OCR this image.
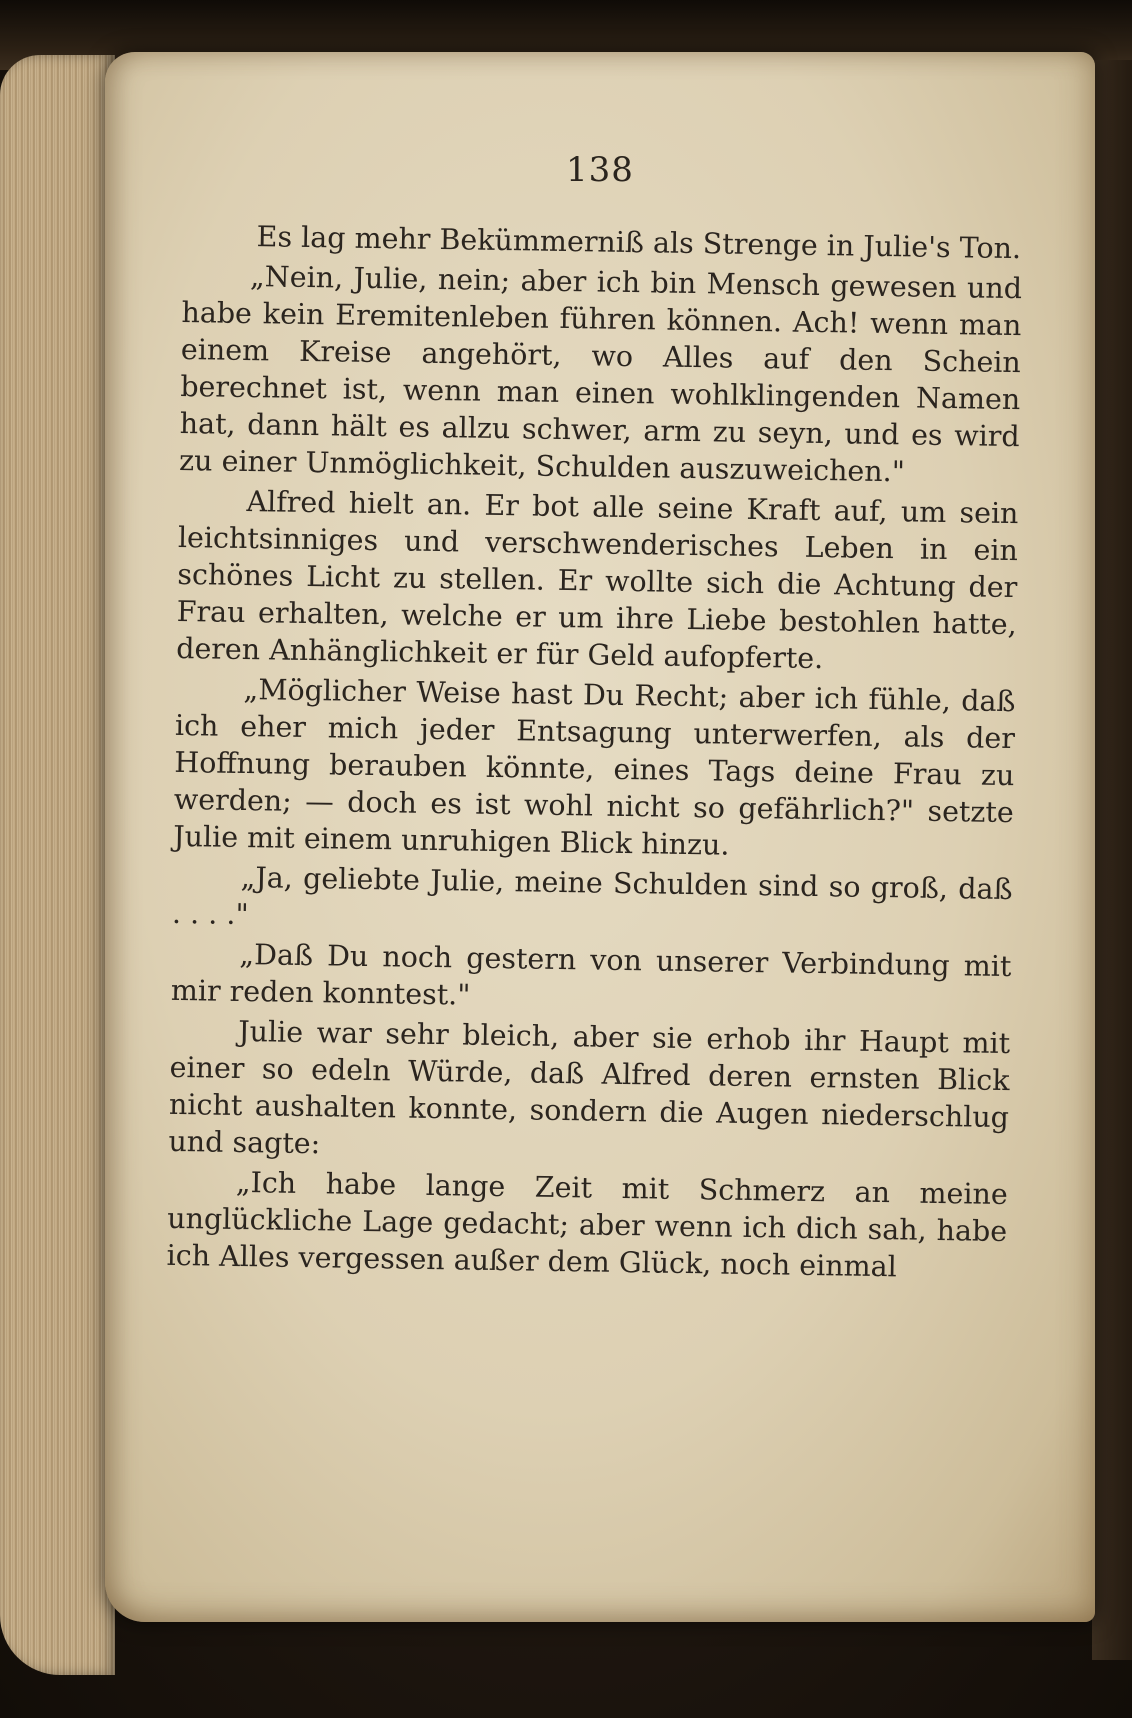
138

Es lag mehr Bekümmerniß als Strenge in Julie's Ton.

„Nein, Julie, nein; aber ich bin Mensch gewesen und habe kein Eremitenleben führen können. Ach! wenn man einem Kreise angehört, wo Alles auf den Schein berechnet ist, wenn man einen wohlklingenden Namen hat, dann hält es allzu schwer, arm zu seyn, und es wird zu einer Unmöglichkeit, Schulden auszuweichen."

Alfred hielt an. Er bot alle seine Kraft auf, um sein leichtsinniges und verschwenderisches Leben in ein schönes Licht zu stellen. Er wollte sich die Achtung der Frau erhalten, welche er um ihre Liebe bestohlen hatte, deren Anhänglichkeit er für Geld aufopferte.

„Möglicher Weise hast Du Recht; aber ich fühle, daß ich eher mich jeder Entsagung unterwerfen, als der Hoffnung berauben könnte, eines Tags deine Frau zu werden; — doch es ist wohl nicht so gefährlich?" setzte Julie mit einem unruhigen Blick hinzu.

„Ja, geliebte Julie, meine Schulden sind so groß, daß . . . ."

„Daß Du noch gestern von unserer Verbindung mit mir reden konntest."

Julie war sehr bleich, aber sie erhob ihr Haupt mit einer so edeln Würde, daß Alfred deren ernsten Blick nicht aushalten konnte, sondern die Augen niederschlug und sagte:

„Ich habe lange Zeit mit Schmerz an meine unglückliche Lage gedacht; aber wenn ich dich sah, habe ich Alles vergessen außer dem Glück, noch einmal
